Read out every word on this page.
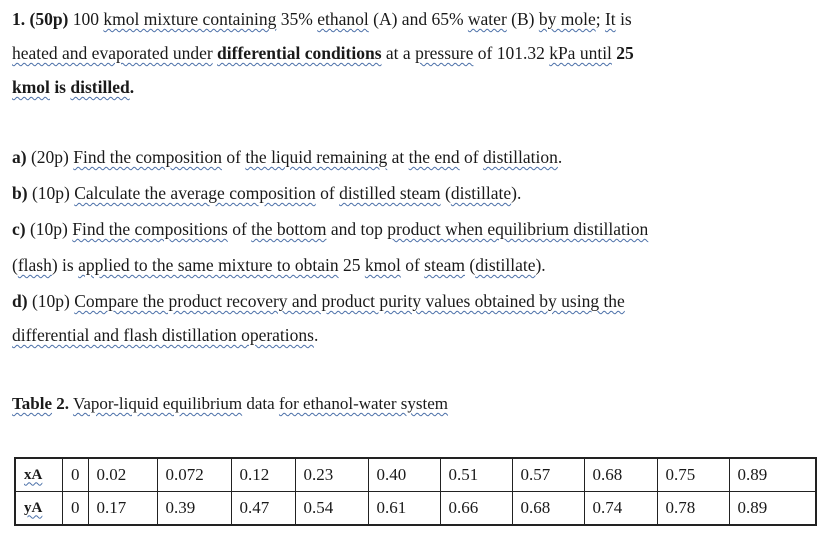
1. (50p) 100 kmol mixture containing 35% ethanol (A) and 65% water (B) by mole; It is
heated and evaporated under differential conditions at a pressure of 101.32 kPa until 25
kmol is distilled.
a) (20p) Find the composition of the liquid remaining at the end of distillation.
b) (10p) Calculate the average composition of distilled steam (distillate).
c) (10p) Find the compositions of the bottom and top product when equilibrium distillation
(flash) is applied to the same mixture to obtain 25 kmol of steam (distillate).
d) (10p) Compare the product recovery and product purity values obtained by using the
differential and flash distillation operations.
Table 2. Vapor-liquid equilibrium data for ethanol-water system
xA	0	0.02	0.072	0.12	0.23	0.40	0.51	0.57	0.68	0.75	0.89
yA	0	0.17	0.39	0.47	0.54	0.61	0.66	0.68	0.74	0.78	0.89
